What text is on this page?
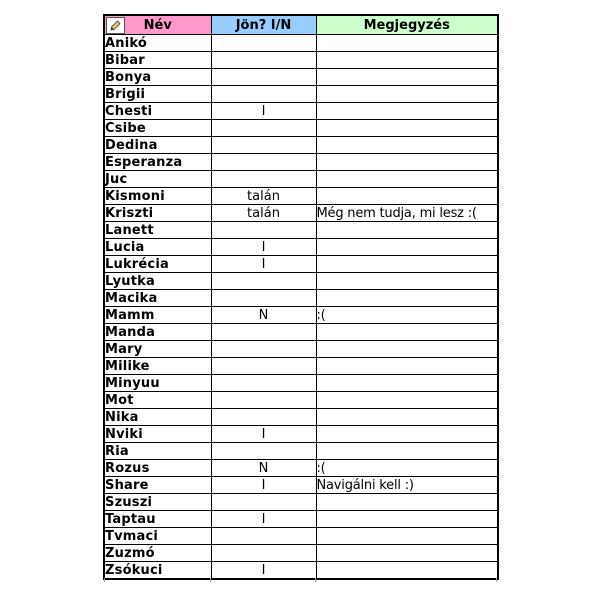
Név	Jön? I/N	Megjegyzés
Anikó		
Bibar		
Bonya		
Brigii		
Chesti	I	
Csibe		
Dedina		
Esperanza		
Juc		
Kismoni	talán	
Kriszti	talán	Még nem tudja, mi lesz :(
Lanett		
Lucia	I	
Lukrécia	I	
Lyutka		
Macika		
Mamm	N	:(
Manda		
Mary		
Milike		
Minyuu		
Mot		
Nika		
Nviki	I	
Ria		
Rozus	N	:(
Share	I	Navigálni kell :)
Szuszi		
Taptau	I	
Tvmaci		
Zuzmó		
Zsókuci	I	
